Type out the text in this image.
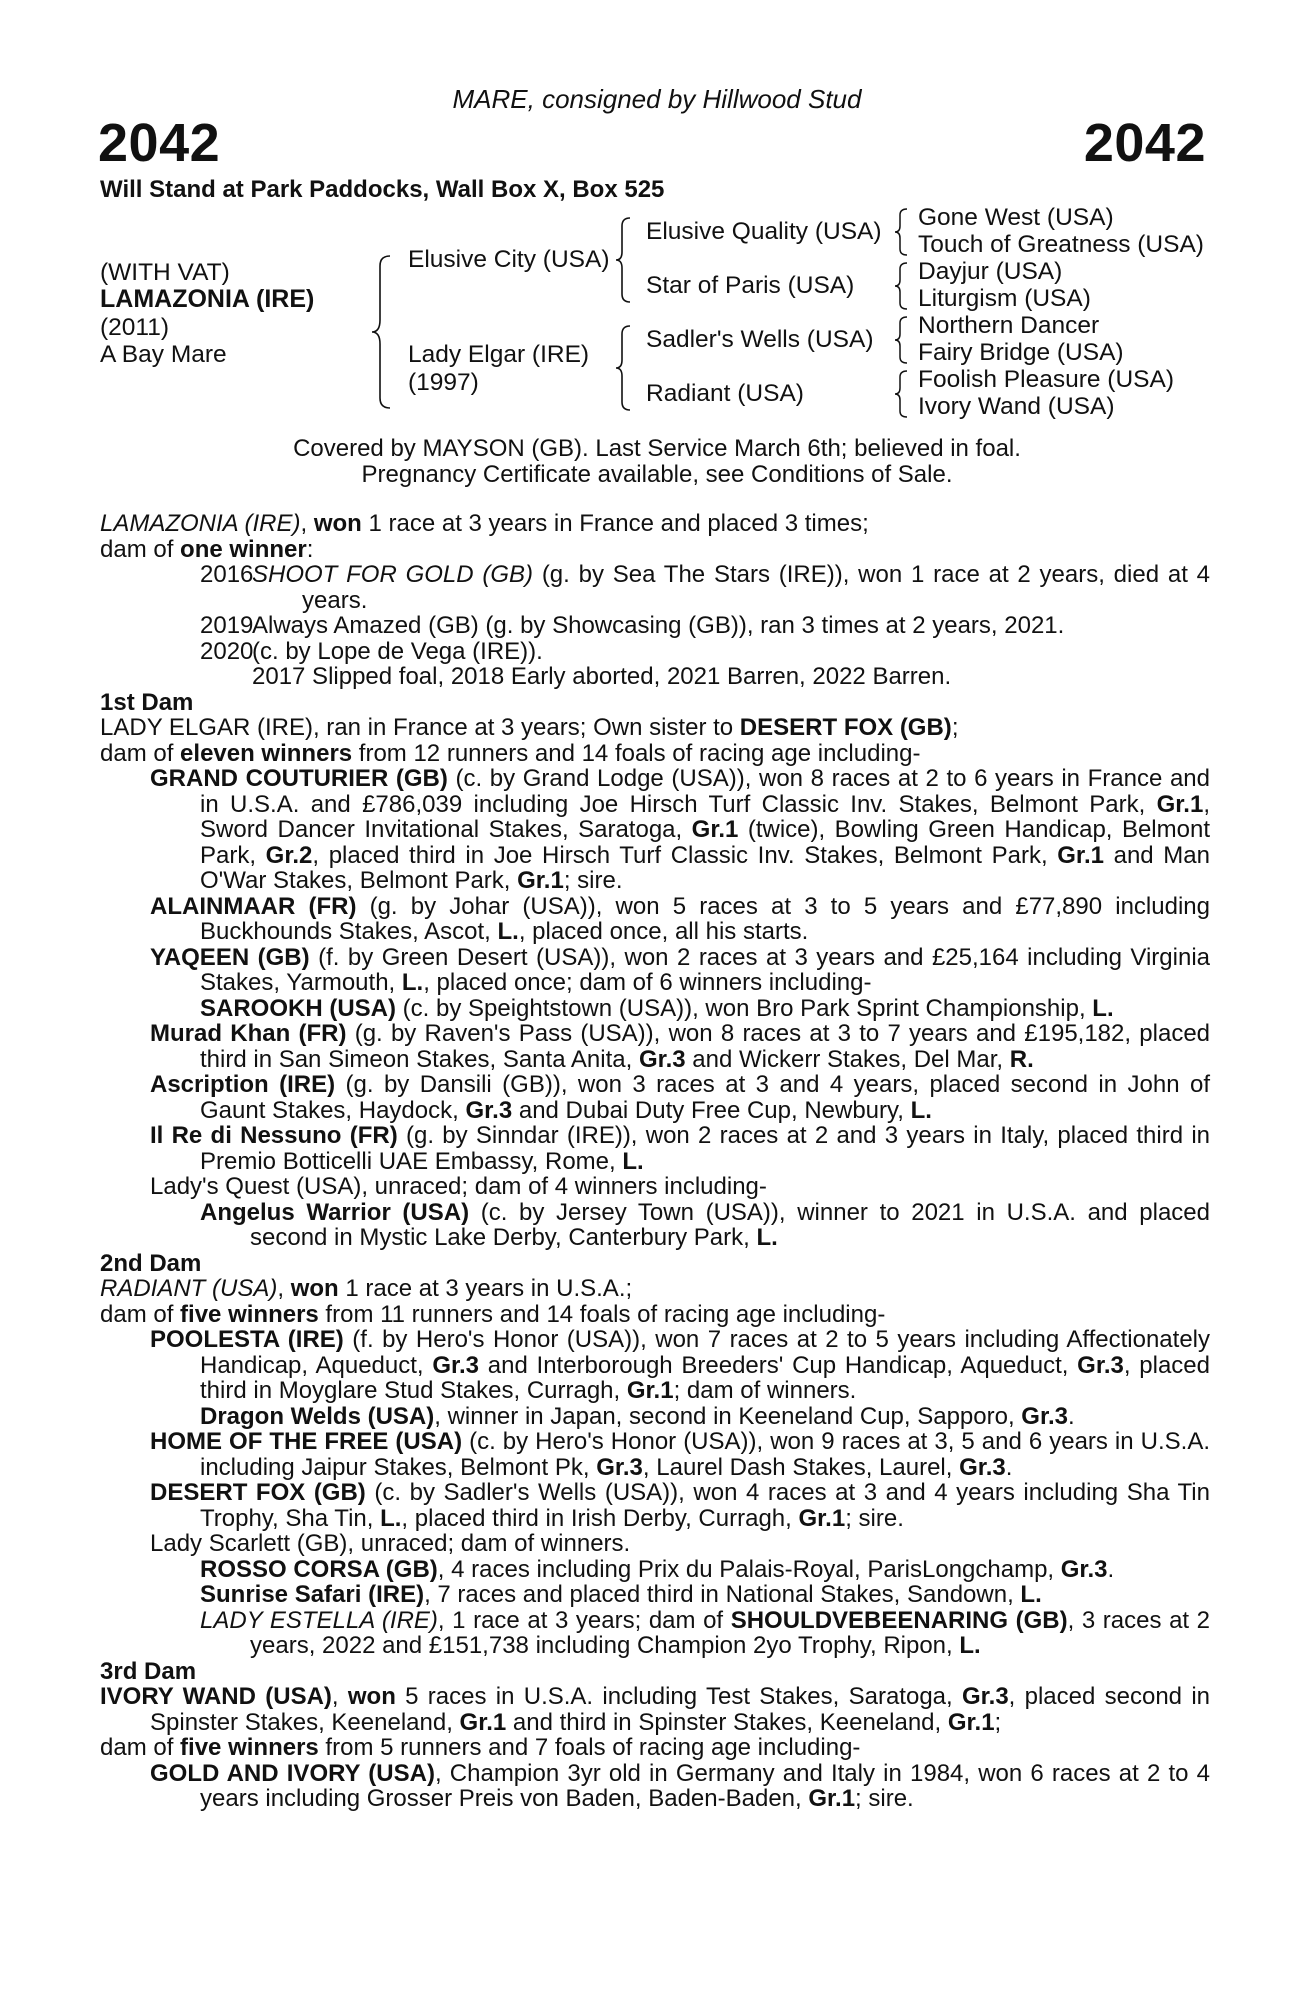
MARE, consigned by Hillwood Stud
2042	2042
Will Stand at Park Paddocks, Wall Box X, Box 525
(WITH VAT)
LAMAZONIA (IRE)
(2011)
A Bay Mare
Elusive City (USA)
Lady Elgar (IRE)
(1997)
Elusive Quality (USA)
Star of Paris (USA)
Sadler's Wells (USA)
Radiant (USA)
Gone West (USA)
Touch of Greatness (USA)
Dayjur (USA)
Liturgism (USA)
Northern Dancer
Fairy Bridge (USA)
Foolish Pleasure (USA)
Ivory Wand (USA)
Covered by MAYSON (GB). Last Service March 6th; believed in foal.
Pregnancy Certificate available, see Conditions of Sale.

LAMAZONIA (IRE), won 1 race at 3 years in France and placed 3 times;

dam of one winner:

2016SHOOT FOR GOLD (GB) (g. by Sea The Stars (IRE)), won 1 race at 2 years, died at 4 years.

2019Always Amazed (GB) (g. by Showcasing (GB)), ran 3 times at 2 years, 2021.

2020(c. by Lope de Vega (IRE)).

2017 Slipped foal, 2018 Early aborted, 2021 Barren, 2022 Barren.

1st Dam

LADY ELGAR (IRE), ran in France at 3 years; Own sister to DESERT FOX (GB);

dam of eleven winners from 12 runners and 14 foals of racing age including-

GRAND COUTURIER (GB) (c. by Grand Lodge (USA)), won 8 races at 2 to 6 years in France and in U.S.A. and £786,039 including Joe Hirsch Turf Classic Inv. Stakes, Belmont Park, Gr.1, Sword Dancer Invitational Stakes, Saratoga, Gr.1 (twice), Bowling Green Handicap, Belmont Park, Gr.2, placed third in Joe Hirsch Turf Classic Inv. Stakes, Belmont Park, Gr.1 and Man O'War Stakes, Belmont Park, Gr.1; sire.

ALAINMAAR (FR) (g. by Johar (USA)), won 5 races at 3 to 5 years and £77,890 including Buckhounds Stakes, Ascot, L., placed once, all his starts.

YAQEEN (GB) (f. by Green Desert (USA)), won 2 races at 3 years and £25,164 including Virginia Stakes, Yarmouth, L., placed once; dam of 6 winners including-

SAROOKH (USA) (c. by Speightstown (USA)), won Bro Park Sprint Championship, L.

Murad Khan (FR) (g. by Raven's Pass (USA)), won 8 races at 3 to 7 years and £195,182, placed third in San Simeon Stakes, Santa Anita, Gr.3 and Wickerr Stakes, Del Mar, R.

Ascription (IRE) (g. by Dansili (GB)), won 3 races at 3 and 4 years, placed second in John of Gaunt Stakes, Haydock, Gr.3 and Dubai Duty Free Cup, Newbury, L.

Il Re di Nessuno (FR) (g. by Sinndar (IRE)), won 2 races at 2 and 3 years in Italy, placed third in Premio Botticelli UAE Embassy, Rome, L.

Lady's Quest (USA), unraced; dam of 4 winners including-

Angelus Warrior (USA) (c. by Jersey Town (USA)), winner to 2021 in U.S.A. and placed second in Mystic Lake Derby, Canterbury Park, L.

2nd Dam

RADIANT (USA), won 1 race at 3 years in U.S.A.;

dam of five winners from 11 runners and 14 foals of racing age including-

POOLESTA (IRE) (f. by Hero's Honor (USA)), won 7 races at 2 to 5 years including Affectionately Handicap, Aqueduct, Gr.3 and Interborough Breeders' Cup Handicap, Aqueduct, Gr.3, placed third in Moyglare Stud Stakes, Curragh, Gr.1; dam of winners.

Dragon Welds (USA), winner in Japan, second in Keeneland Cup, Sapporo, Gr.3.

HOME OF THE FREE (USA) (c. by Hero's Honor (USA)), won 9 races at 3, 5 and 6 years in U.S.A. including Jaipur Stakes, Belmont Pk, Gr.3, Laurel Dash Stakes, Laurel, Gr.3.

DESERT FOX (GB) (c. by Sadler's Wells (USA)), won 4 races at 3 and 4 years including Sha Tin Trophy, Sha Tin, L., placed third in Irish Derby, Curragh, Gr.1; sire.

Lady Scarlett (GB), unraced; dam of winners.

ROSSO CORSA (GB), 4 races including Prix du Palais-Royal, ParisLongchamp, Gr.3.

Sunrise Safari (IRE), 7 races and placed third in National Stakes, Sandown, L.

LADY ESTELLA (IRE), 1 race at 3 years; dam of SHOULDVEBEENARING (GB), 3 races at 2 years, 2022 and £151,738 including Champion 2yo Trophy, Ripon, L.

3rd Dam

IVORY WAND (USA), won 5 races in U.S.A. including Test Stakes, Saratoga, Gr.3, placed second in Spinster Stakes, Keeneland, Gr.1 and third in Spinster Stakes, Keeneland, Gr.1;

dam of five winners from 5 runners and 7 foals of racing age including-

GOLD AND IVORY (USA), Champion 3yr old in Germany and Italy in 1984, won 6 races at 2 to 4 years including Grosser Preis von Baden, Baden-Baden, Gr.1; sire.
